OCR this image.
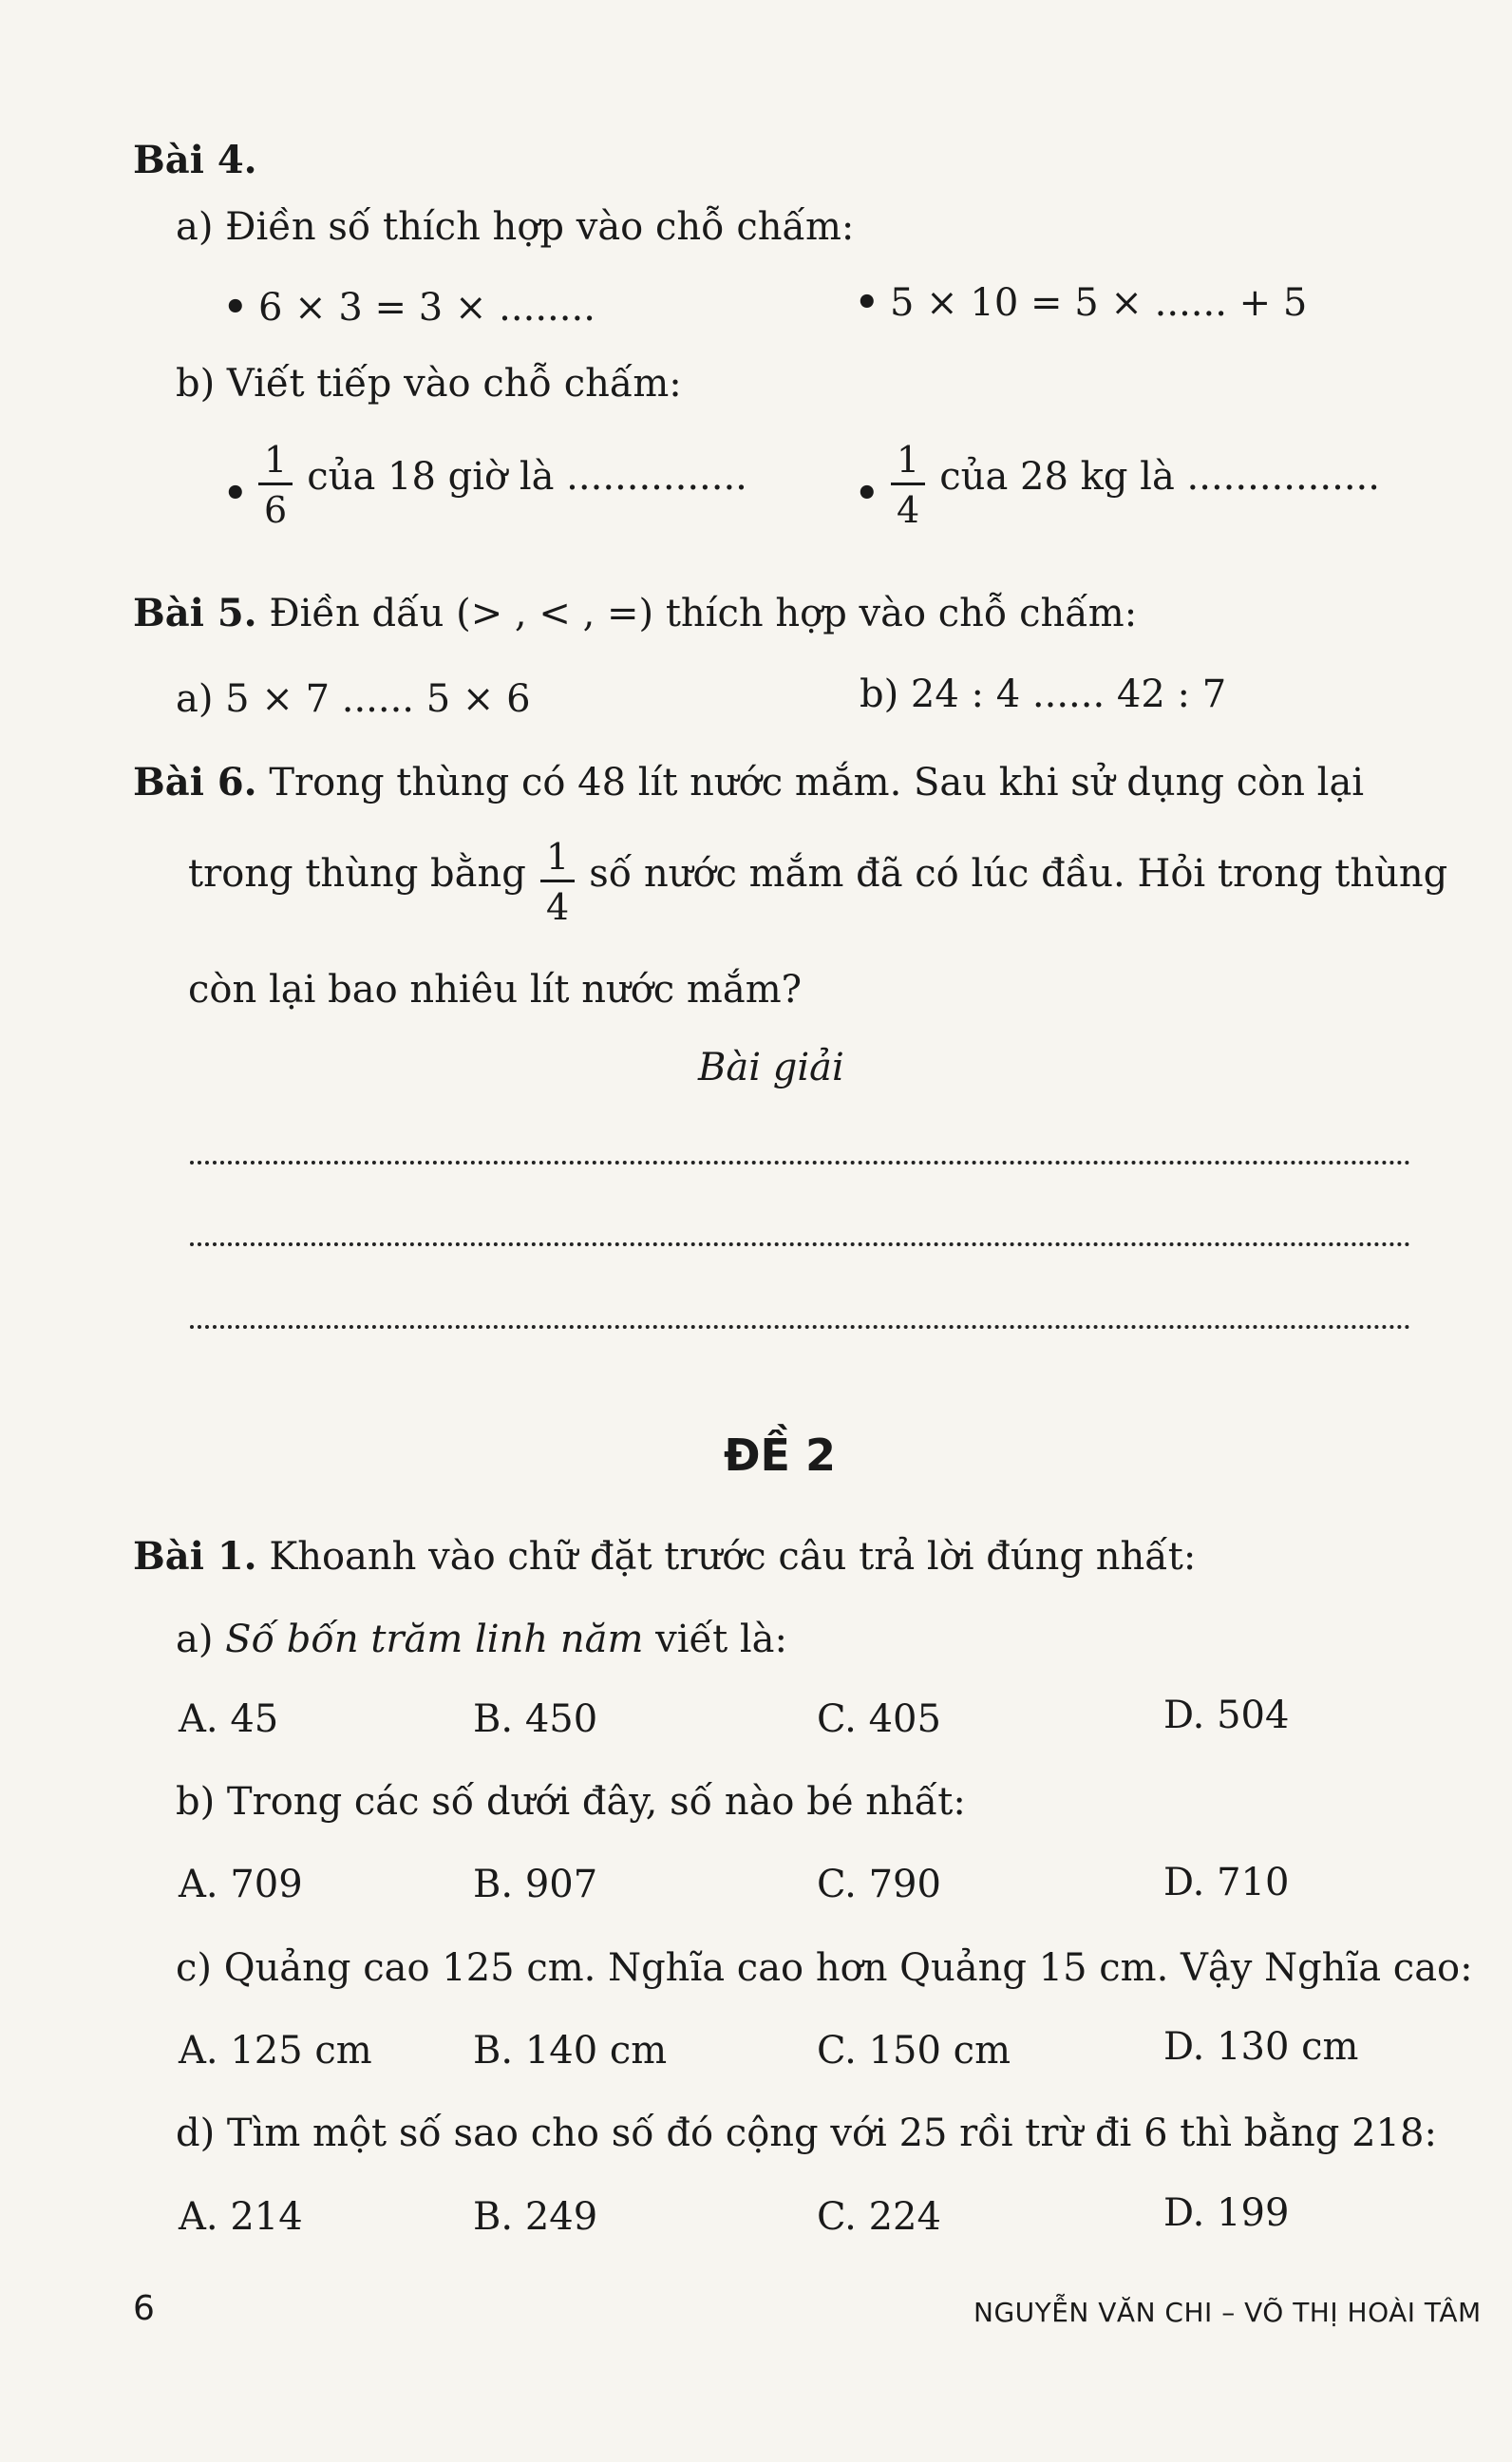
Bài 4.
a) Điền số thích hợp vào chỗ chấm:
• 6 × 3 = 3 × ........	• 5 × 10 = 5 × ...... + 5
b) Viết tiếp vào chỗ chấm:
• $\frac{1}{6}$ của 18 giờ là ...............	• $\frac{1}{4}$ của 28 kg là ................
Bài 5. Điền dấu (> , < , =) thích hợp vào chỗ chấm:
a) 5 × 7 ...... 5 × 6	b) 24 : 4 ...... 42 : 7
Bài 6. Trong thùng có 48 lít nước mắm. Sau khi sử dụng còn lại
trong thùng bằng $\frac{1}{4}$ số nước mắm đã có lúc đầu. Hỏi trong thùng
còn lại bao nhiêu lít nước mắm?
Bài giải
ĐỀ 2
Bài 1. Khoanh vào chữ đặt trước câu trả lời đúng nhất:
a) Số bốn trăm linh năm viết là:
A. 45	B. 450	C. 405	D. 504
b) Trong các số dưới đây, số nào bé nhất:
A. 709	B. 907	C. 790	D. 710
c) Quảng cao 125 cm. Nghĩa cao hơn Quảng 15 cm. Vậy Nghĩa cao:
A. 125 cm	B. 140 cm	C. 150 cm	D. 130 cm
d) Tìm một số sao cho số đó cộng với 25 rồi trừ đi 6 thì bằng 218:
A. 214	B. 249	C. 224	D. 199
6	NGUYỄN VĂN CHI – VÕ THỊ HOÀI TÂM
